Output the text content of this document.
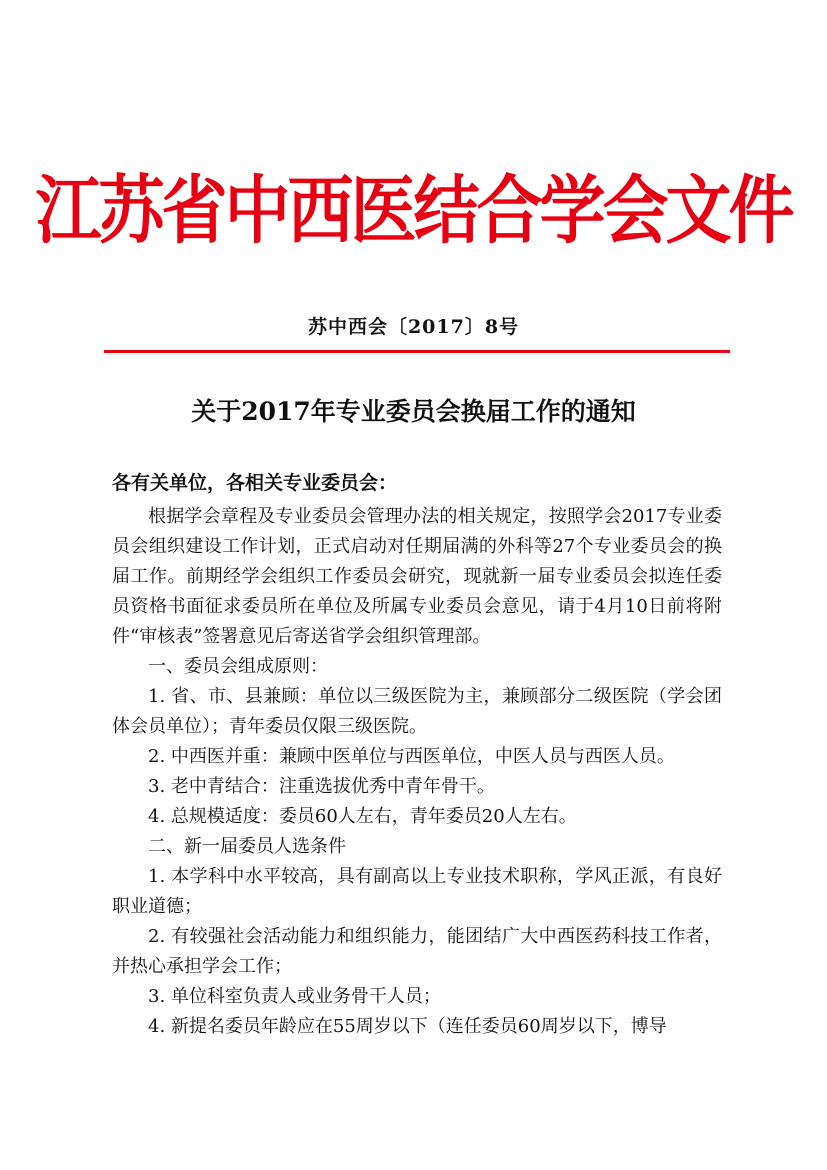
江苏省中西医结合学会文件
苏中西会〔2017〕8号
关于2017年专业委员会换届工作的通知
各有关单位，各相关专业委员会：

根据学会章程及专业委员会管理办法的相关规定，按照学会2017专业委员会组织建设工作计划，正式启动对任期届满的外科等27个专业委员会的换届工作。前期经学会组织工作委员会研究，现就新一届专业委员会拟连任委员资格书面征求委员所在单位及所属专业委员会意见，请于4月10日前将附件“审核表”签署意见后寄送省学会组织管理部。

一、委员会组成原则：

1. 省、市、县兼顾：单位以三级医院为主，兼顾部分二级医院（学会团体会员单位）；青年委员仅限三级医院。

2. 中西医并重：兼顾中医单位与西医单位，中医人员与西医人员。

3. 老中青结合：注重选拔优秀中青年骨干。

4. 总规模适度：委员60人左右，青年委员20人左右。

二、新一届委员人选条件

1. 本学科中水平较高，具有副高以上专业技术职称，学风正派，有良好职业道德；

2. 有较强社会活动能力和组织能力，能团结广大中西医药科技工作者，并热心承担学会工作；

3. 单位科室负责人或业务骨干人员；

4. 新提名委员年龄应在55周岁以下（连任委员60周岁以下，博导
